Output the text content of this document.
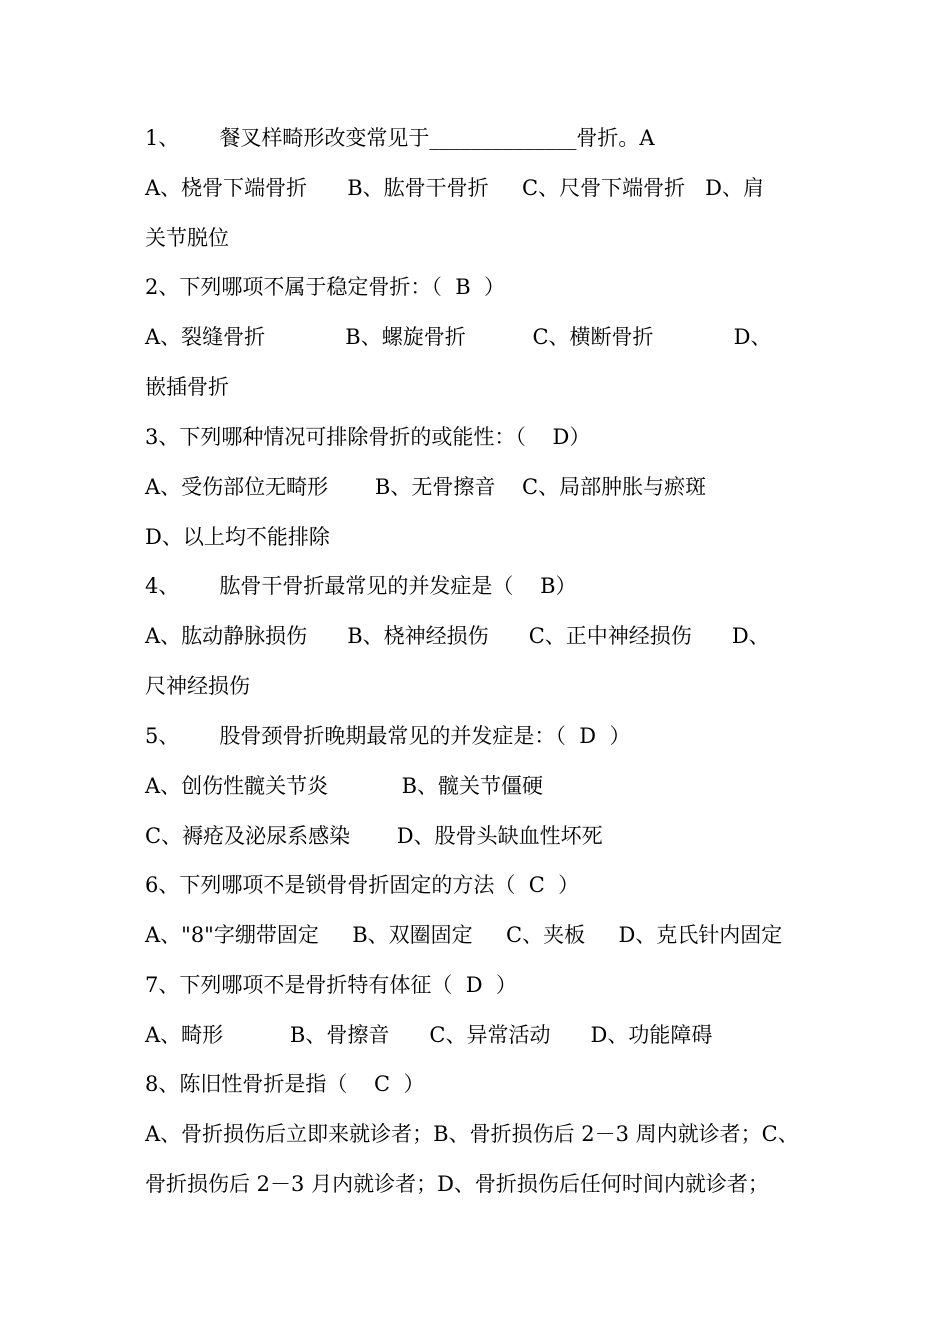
1、      餐叉样畸形改变常见于______________骨折。A
A、桡骨下端骨折      B、肱骨干骨折     C、尺骨下端骨折   D、肩
关节脱位
2、下列哪项不属于稳定骨折：（  B  ）
A、裂缝骨折            B、螺旋骨折          C、横断骨折            D、
嵌插骨折
3、下列哪种情况可排除骨折的或能性：（    D）
A、受伤部位无畸形       B、无骨擦音    C、局部肿胀与瘀斑
D、以上均不能排除
4、      肱骨干骨折最常见的并发症是（    B）
A、肱动静脉损伤      B、桡神经损伤      C、正中神经损伤      D、
尺神经损伤
5、      股骨颈骨折晚期最常见的并发症是：（  D  ）
A、创伤性髋关节炎           B、髋关节僵硬
C、褥疮及泌尿系感染       D、股骨头缺血性坏死
6、下列哪项不是锁骨骨折固定的方法（  C  ）
A、"8"字绷带固定     B、双圈固定     C、夹板     D、克氏针内固定
7、下列哪项不是骨折特有体征（  D  ）
A、畸形          B、骨擦音      C、异常活动      D、功能障碍
8、陈旧性骨折是指（    C  ）
A、骨折损伤后立即来就诊者；B、骨折损伤后 2－3 周内就诊者；C、
骨折损伤后 2－3 月内就诊者；D、骨折损伤后任何时间内就诊者；
